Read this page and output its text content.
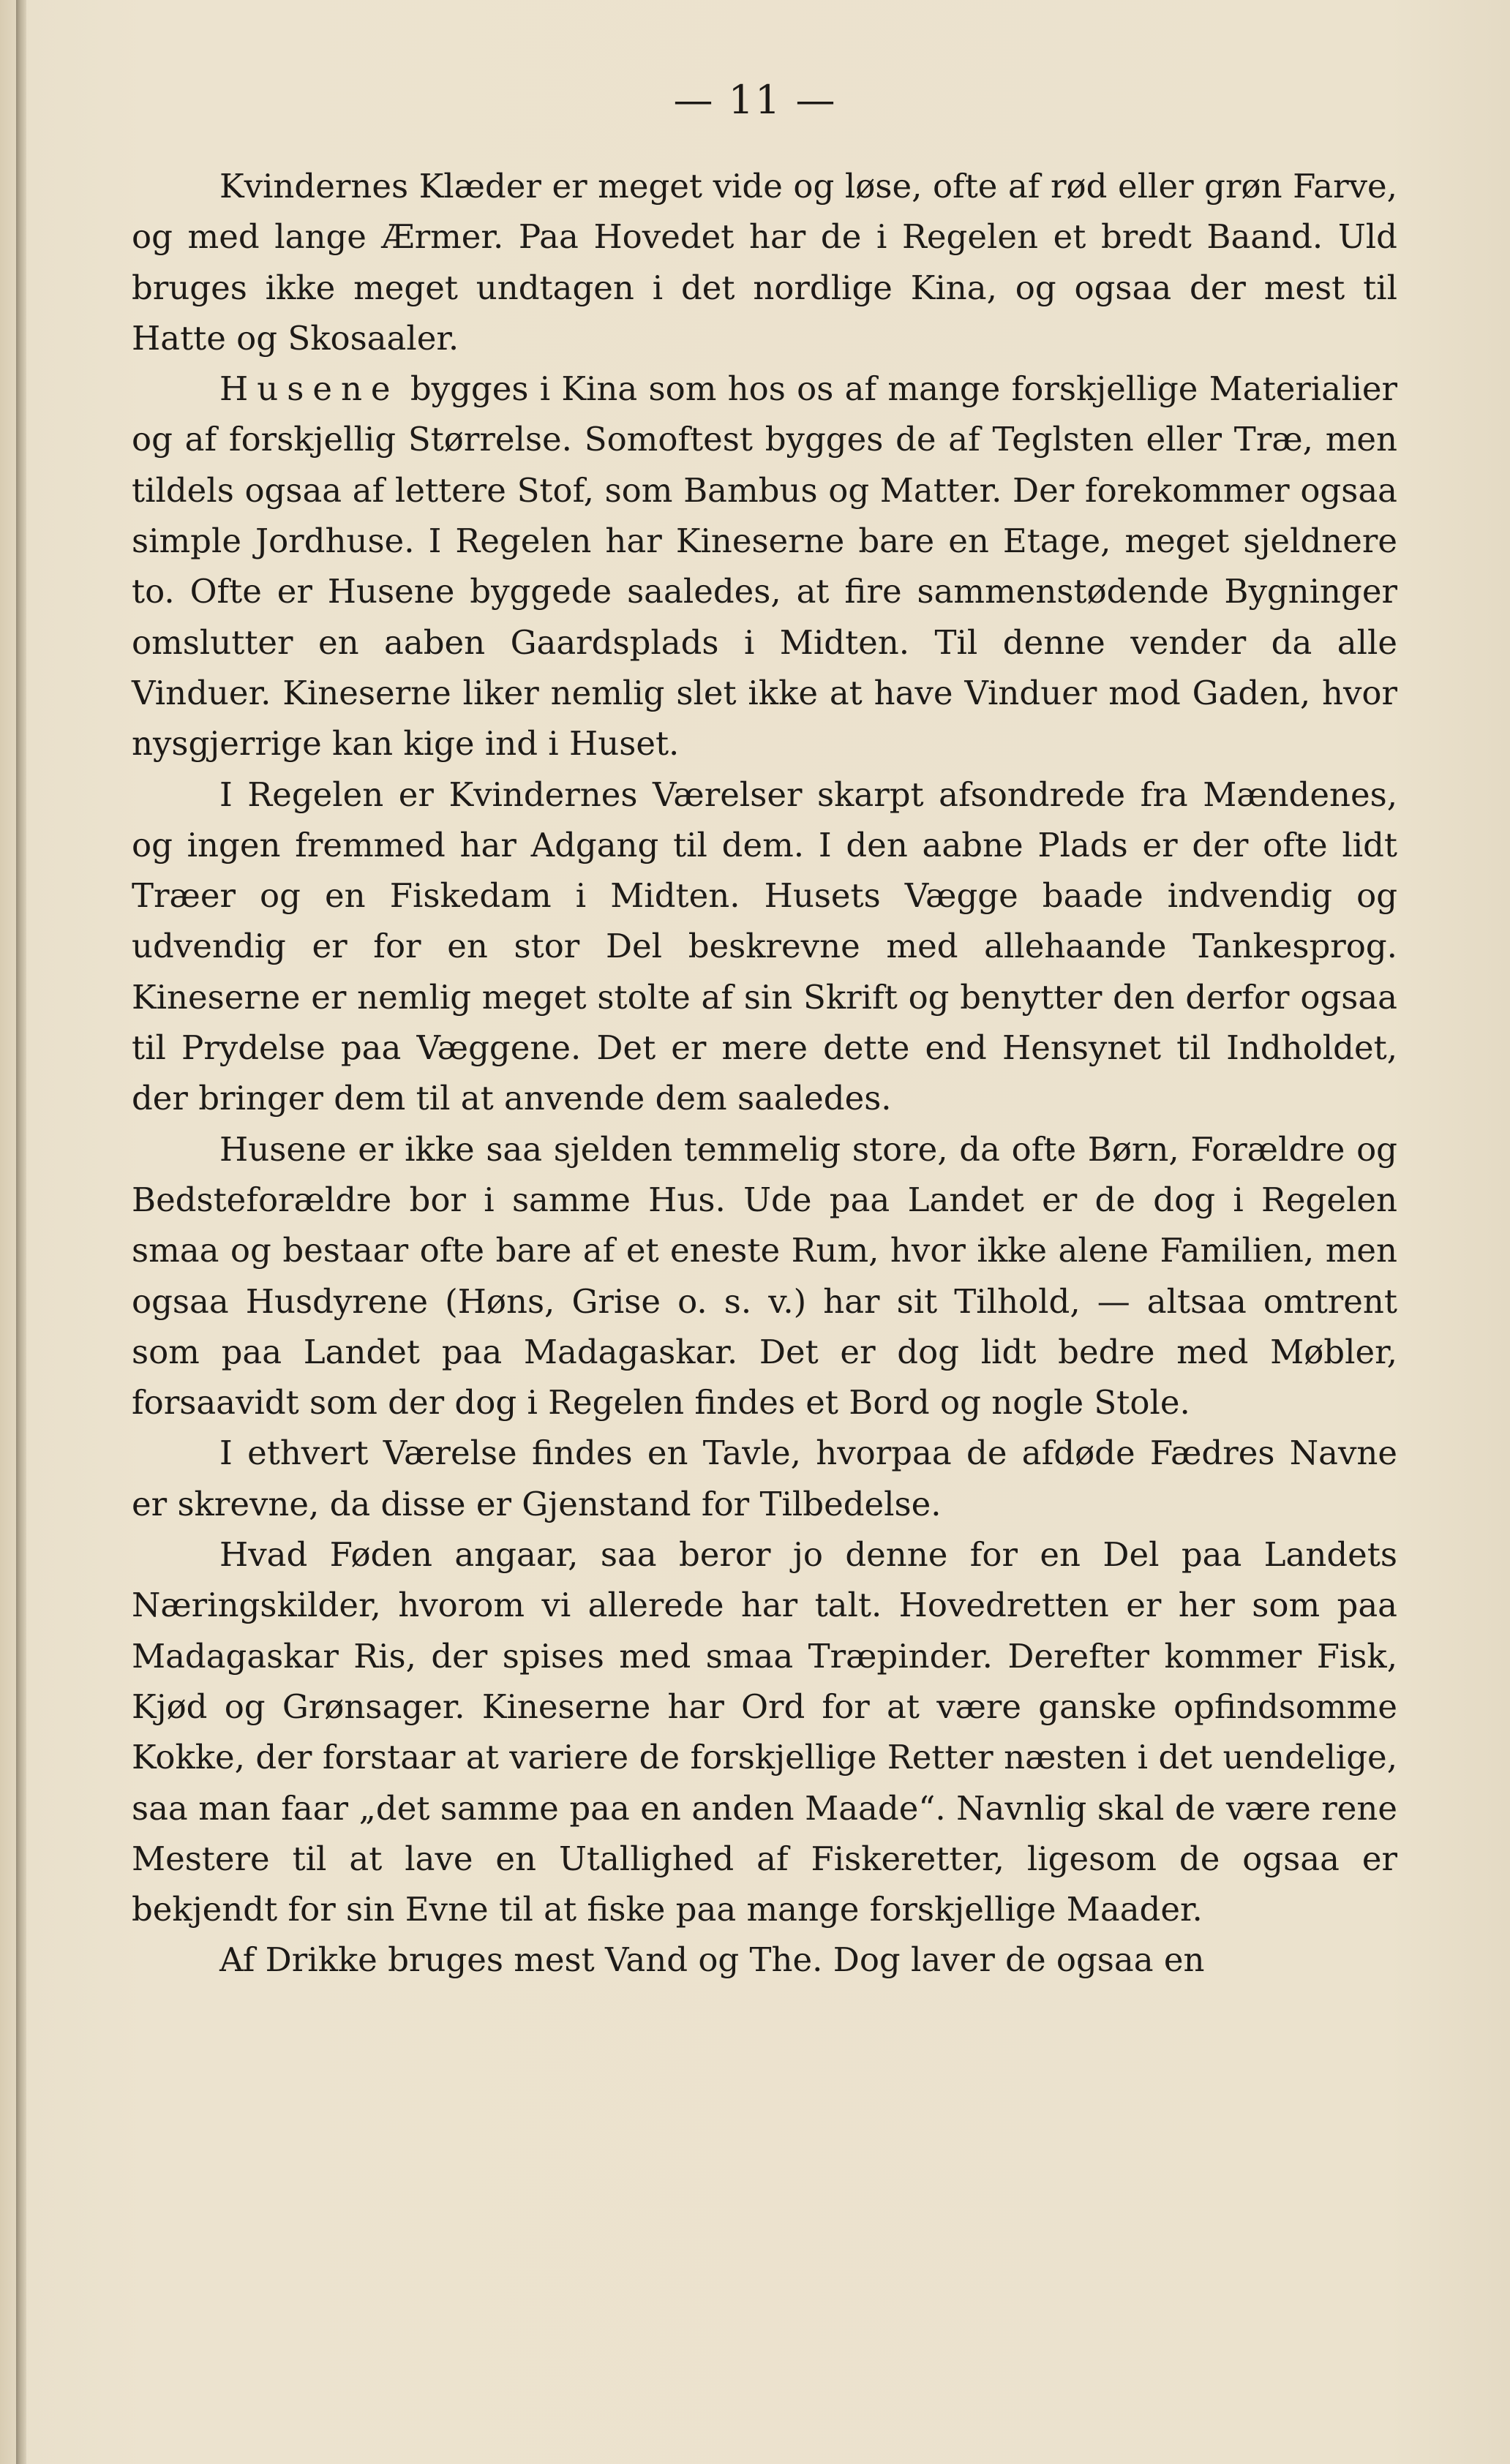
— 11 —

Kvindernes Klæder er meget vide og løse, ofte af rød eller grøn Farve, og med lange Ærmer. Paa Hovedet har de i Regelen et bredt Baand. Uld bruges ikke meget undtagen i det nordlige Kina, og ogsaa der mest til Hatte og Skosaaler.

Husene bygges i Kina som hos os af mange forskjellige Materialier og af forskjellig Størrelse. Somoftest bygges de af Teglsten eller Træ, men tildels ogsaa af lettere Stof, som Bambus og Matter. Der forekommer ogsaa simple Jordhuse. I Regelen har Kineserne bare en Etage, meget sjeldnere to. Ofte er Husene byggede saaledes, at fire sammenstødende Bygninger omslutter en aaben Gaardsplads i Midten. Til denne vender da alle Vinduer. Kineserne liker nemlig slet ikke at have Vinduer mod Gaden, hvor nysgjerrige kan kige ind i Huset.

I Regelen er Kvindernes Værelser skarpt afsondrede fra Mændenes, og ingen fremmed har Adgang til dem. I den aabne Plads er der ofte lidt Træer og en Fiskedam i Midten. Husets Vægge baade indvendig og udvendig er for en stor Del beskrevne med allehaande Tankesprog. Kineserne er nemlig meget stolte af sin Skrift og benytter den derfor ogsaa til Prydelse paa Væggene. Det er mere dette end Hensynet til Indholdet, der bringer dem til at anvende dem saaledes.

Husene er ikke saa sjelden temmelig store, da ofte Børn, Forældre og Bedsteforældre bor i samme Hus. Ude paa Landet er de dog i Regelen smaa og bestaar ofte bare af et eneste Rum, hvor ikke alene Familien, men ogsaa Husdyrene (Høns, Grise o. s. v.) har sit Tilhold, — altsaa omtrent som paa Landet paa Madagaskar. Det er dog lidt bedre med Møbler, forsaavidt som der dog i Regelen findes et Bord og nogle Stole.

I ethvert Værelse findes en Tavle, hvorpaa de afdøde Fædres Navne er skrevne, da disse er Gjenstand for Tilbedelse.

Hvad Føden angaar, saa beror jo denne for en Del paa Landets Næringskilder, hvorom vi allerede har talt. Hovedretten er her som paa Madagaskar Ris, der spises med smaa Træpinder. Derefter kommer Fisk, Kjød og Grønsager. Kineserne har Ord for at være ganske opfindsomme Kokke, der forstaar at variere de forskjellige Retter næsten i det uendelige, saa man faar „det samme paa en anden Maade“. Navnlig skal de være rene Mestere til at lave en Utallighed af Fiskeretter, ligesom de ogsaa er bekjendt for sin Evne til at fiske paa mange forskjellige Maader.

Af Drikke bruges mest Vand og The. Dog laver de ogsaa en
